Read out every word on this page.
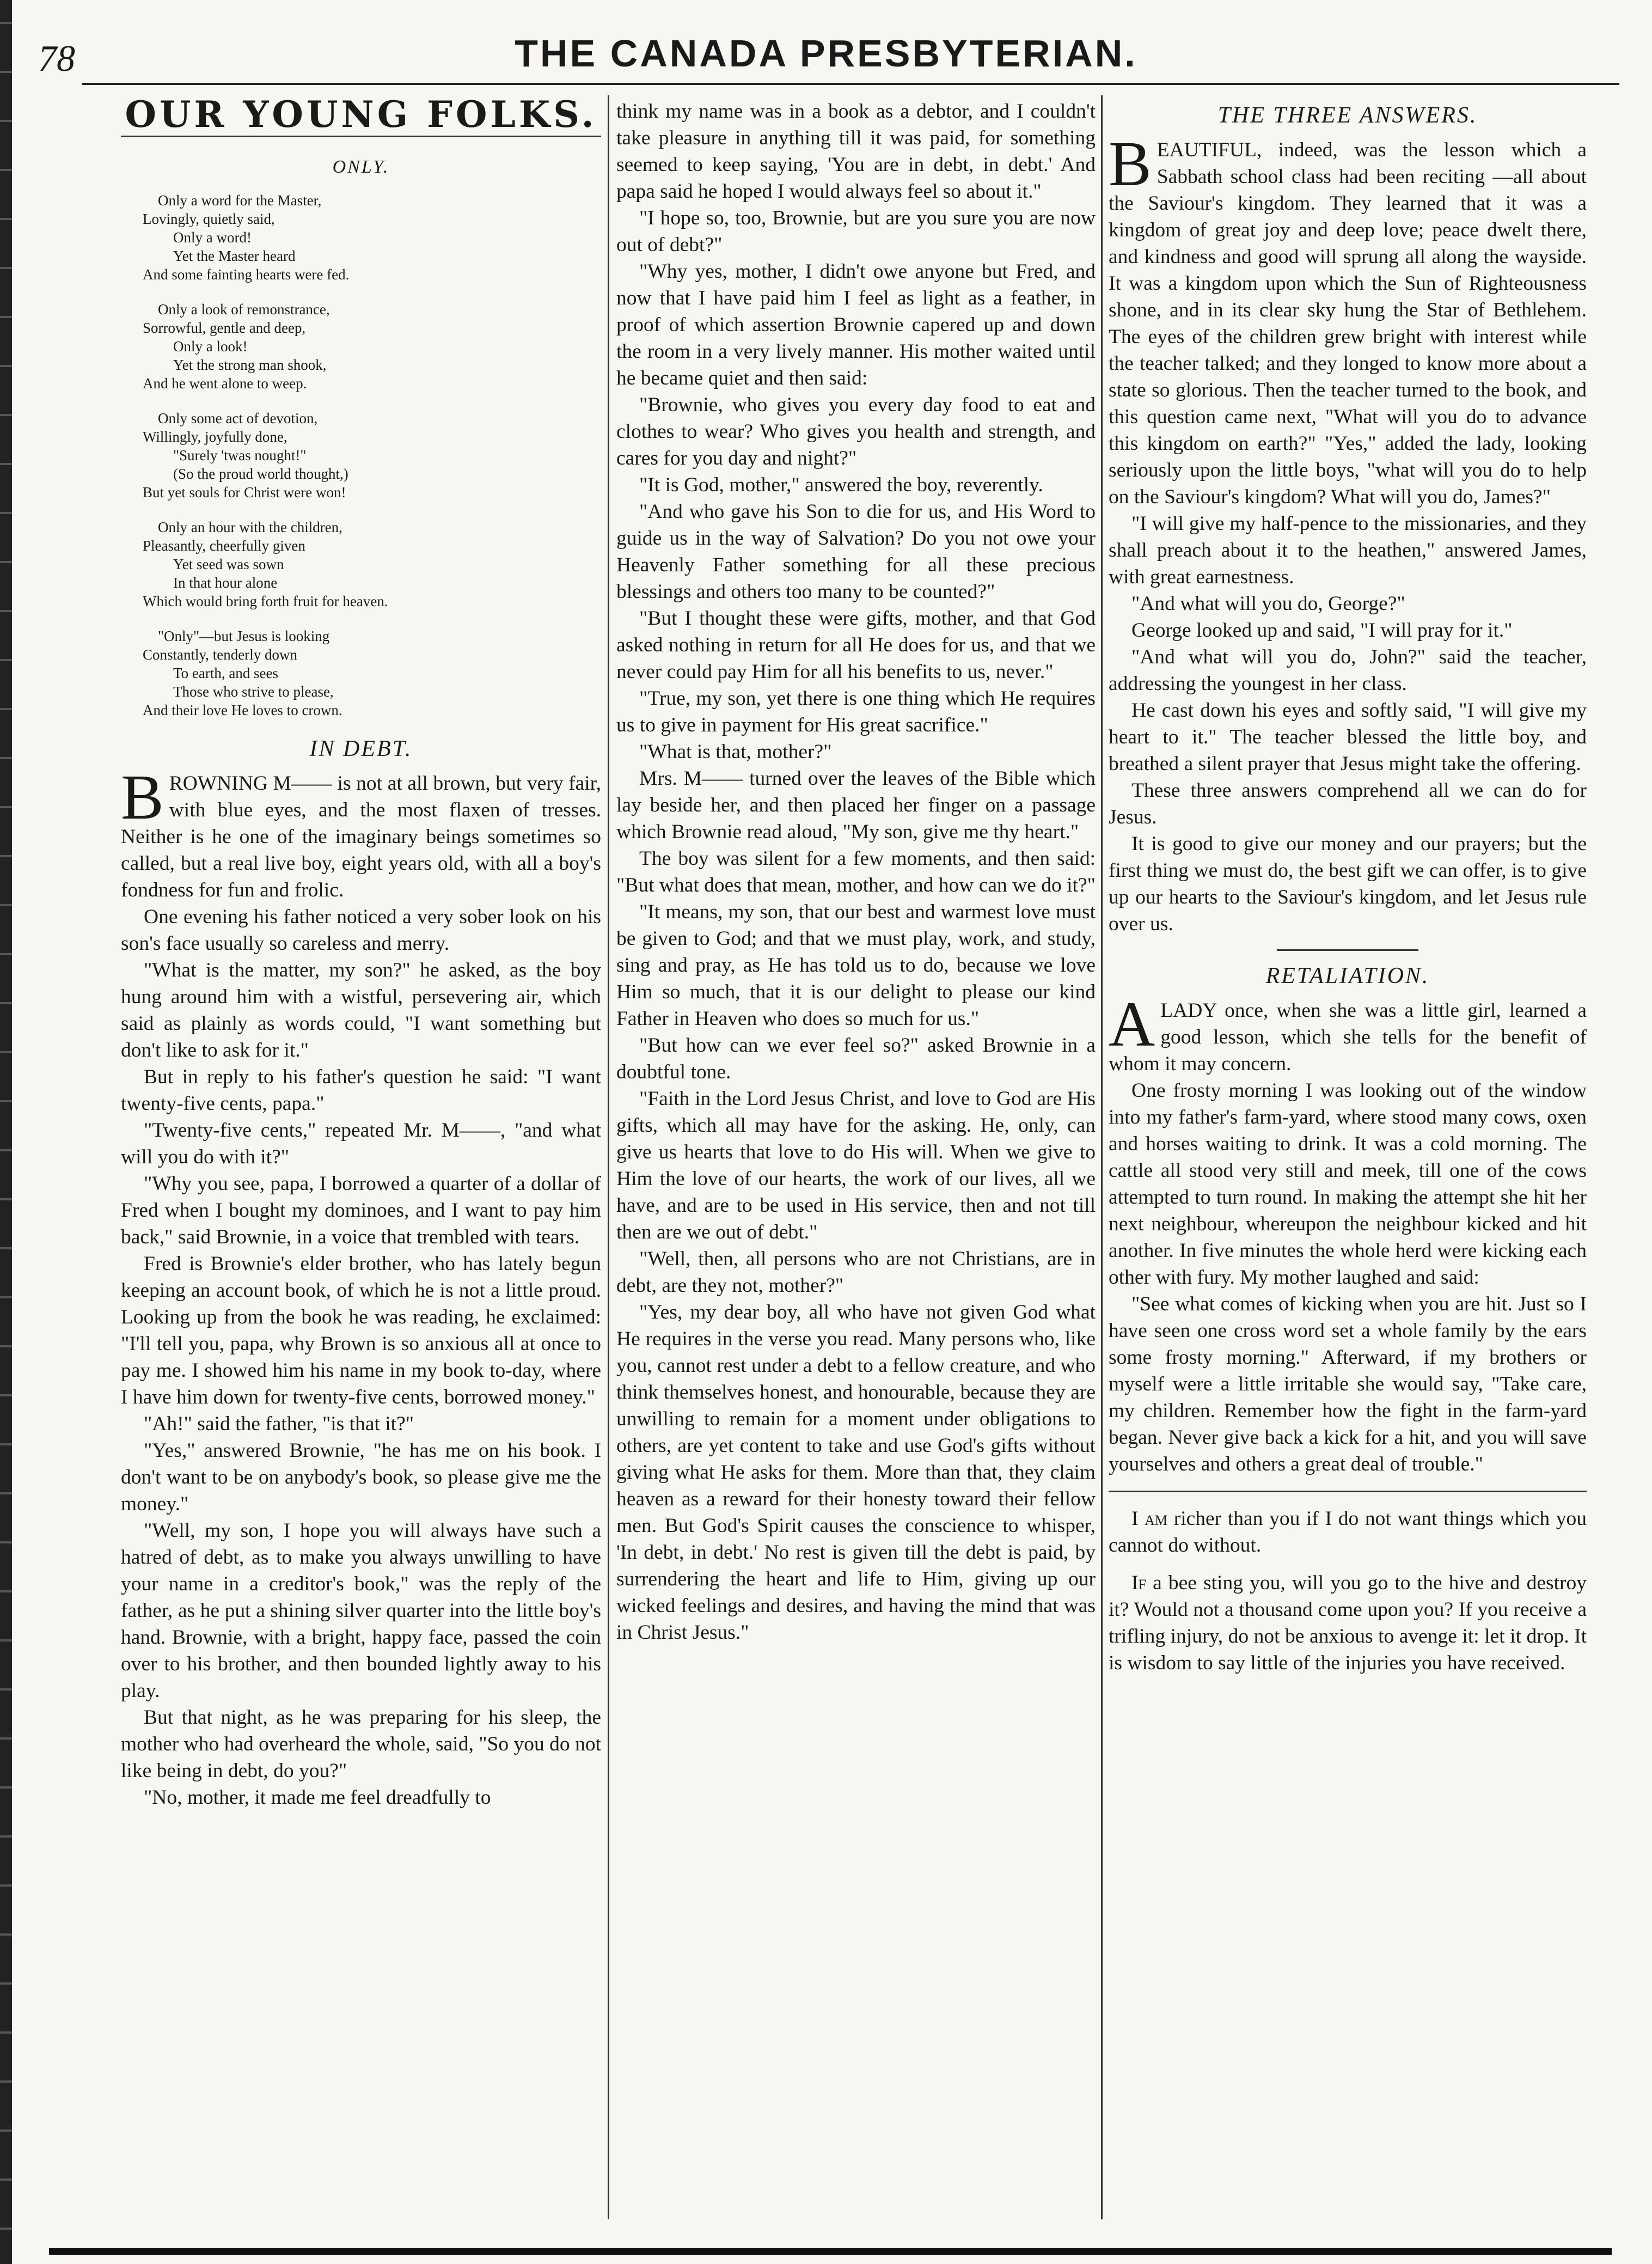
78	THE CANADA PRESBYTERIAN.
OUR YOUNG FOLKS.
ONLY.
Only a word for the Master,
Lovingly, quietly said,
Only a word!
Yet the Master heard
And some fainting hearts were fed.
Only a look of remonstrance,
Sorrowful, gentle and deep,
Only a look!
Yet the strong man shook,
And he went alone to weep.
Only some act of devotion,
Willingly, joyfully done,
"Surely 'twas nought!"
(So the proud world thought,)
But yet souls for Christ were won!
Only an hour with the children,
Pleasantly, cheerfully given
Yet seed was sown
In that hour alone
Which would bring forth fruit for heaven.
"Only"—but Jesus is looking
Constantly, tenderly down
To earth, and sees
Those who strive to please,
And their love He loves to crown.
IN DEBT.
B ROWNING M—— is not at all brown, but very fair, with blue eyes, and the most flaxen of tresses. Neither is he one of the imaginary beings sometimes so called, but a real live boy, eight years old, with all a boy's fondness for fun and frolic.

One evening his father noticed a very sober look on his son's face usually so careless and merry.

"What is the matter, my son?" he asked, as the boy hung around him with a wistful, persevering air, which said as plainly as words could, "I want something but don't like to ask for it."

But in reply to his father's question he said: "I want twenty-five cents, papa."

"Twenty-five cents," repeated Mr. M——, "and what will you do with it?"

"Why you see, papa, I borrowed a quarter of a dollar of Fred when I bought my dominoes, and I want to pay him back," said Brownie, in a voice that trembled with tears.

Fred is Brownie's elder brother, who has lately begun keeping an account book, of which he is not a little proud. Looking up from the book he was reading, he exclaimed: "I'll tell you, papa, why Brown is so anxious all at once to pay me. I showed him his name in my book to-day, where I have him down for twenty-five cents, borrowed money."

"Ah!" said the father, "is that it?"

"Yes," answered Brownie, "he has me on his book. I don't want to be on anybody's book, so please give me the money."

"Well, my son, I hope you will always have such a hatred of debt, as to make you always unwilling to have your name in a creditor's book," was the reply of the father, as he put a shining silver quarter into the little boy's hand. Brownie, with a bright, happy face, passed the coin over to his brother, and then bounded lightly away to his play.

But that night, as he was preparing for his sleep, the mother who had overheard the whole, said, "So you do not like being in debt, do you?"

"No, mother, it made me feel dreadfully to

think my name was in a book as a debtor, and I couldn't take pleasure in anything till it was paid, for something seemed to keep saying, 'You are in debt, in debt.' And papa said he hoped I would always feel so about it."

"I hope so, too, Brownie, but are you sure you are now out of debt?"

"Why yes, mother, I didn't owe anyone but Fred, and now that I have paid him I feel as light as a feather, in proof of which assertion Brownie capered up and down the room in a very lively manner. His mother waited until he became quiet and then said:

"Brownie, who gives you every day food to eat and clothes to wear? Who gives you health and strength, and cares for you day and night?"

"It is God, mother," answered the boy, reverently.

"And who gave his Son to die for us, and His Word to guide us in the way of Salvation? Do you not owe your Heavenly Father something for all these precious blessings and others too many to be counted?"

"But I thought these were gifts, mother, and that God asked nothing in return for all He does for us, and that we never could pay Him for all his benefits to us, never."

"True, my son, yet there is one thing which He requires us to give in payment for His great sacrifice."

"What is that, mother?"

Mrs. M—— turned over the leaves of the Bible which lay beside her, and then placed her finger on a passage which Brownie read aloud, "My son, give me thy heart."

The boy was silent for a few moments, and then said: "But what does that mean, mother, and how can we do it?"

"It means, my son, that our best and warmest love must be given to God; and that we must play, work, and study, sing and pray, as He has told us to do, because we love Him so much, that it is our delight to please our kind Father in Heaven who does so much for us."

"But how can we ever feel so?" asked Brownie in a doubtful tone.

"Faith in the Lord Jesus Christ, and love to God are His gifts, which all may have for the asking. He, only, can give us hearts that love to do His will. When we give to Him the love of our hearts, the work of our lives, all we have, and are to be used in His service, then and not till then are we out of debt."

"Well, then, all persons who are not Christians, are in debt, are they not, mother?"

"Yes, my dear boy, all who have not given God what He requires in the verse you read. Many persons who, like you, cannot rest under a debt to a fellow creature, and who think themselves honest, and honourable, because they are unwilling to remain for a moment under obligations to others, are yet content to take and use God's gifts without giving what He asks for them. More than that, they claim heaven as a reward for their honesty toward their fellow men. But God's Spirit causes the conscience to whisper, 'In debt, in debt.' No rest is given till the debt is paid, by surrendering the heart and life to Him, giving up our wicked feelings and desires, and having the mind that was in Christ Jesus."

THE THREE ANSWERS.
B EAUTIFUL, indeed, was the lesson which a Sabbath school class had been reciting —all about the Saviour's kingdom. They learned that it was a kingdom of great joy and deep love; peace dwelt there, and kindness and good will sprung all along the wayside. It was a kingdom upon which the Sun of Righteousness shone, and in its clear sky hung the Star of Bethlehem. The eyes of the children grew bright with interest while the teacher talked; and they longed to know more about a state so glorious. Then the teacher turned to the book, and this question came next, "What will you do to advance this kingdom on earth?" "Yes," added the lady, looking seriously upon the little boys, "what will you do to help on the Saviour's kingdom? What will you do, James?"

"I will give my half-pence to the missionaries, and they shall preach about it to the heathen," answered James, with great earnestness.

"And what will you do, George?"

George looked up and said, "I will pray for it."

"And what will you do, John?" said the teacher, addressing the youngest in her class.

He cast down his eyes and softly said, "I will give my heart to it." The teacher blessed the little boy, and breathed a silent prayer that Jesus might take the offering.

These three answers comprehend all we can do for Jesus.

It is good to give our money and our prayers; but the first thing we must do, the best gift we can offer, is to give up our hearts to the Saviour's kingdom, and let Jesus rule over us.

RETALIATION.
A LADY once, when she was a little girl, learned a good lesson, which she tells for the benefit of whom it may concern.

One frosty morning I was looking out of the window into my father's farm-yard, where stood many cows, oxen and horses waiting to drink. It was a cold morning. The cattle all stood very still and meek, till one of the cows attempted to turn round. In making the attempt she hit her next neighbour, whereupon the neighbour kicked and hit another. In five minutes the whole herd were kicking each other with fury. My mother laughed and said:

"See what comes of kicking when you are hit. Just so I have seen one cross word set a whole family by the ears some frosty morning." Afterward, if my brothers or myself were a little irritable she would say, "Take care, my children. Remember how the fight in the farm-yard began. Never give back a kick for a hit, and you will save yourselves and others a great deal of trouble."

I am richer than you if I do not want things which you cannot do without.

If a bee sting you, will you go to the hive and destroy it? Would not a thousand come upon you? If you receive a trifling injury, do not be anxious to avenge it: let it drop. It is wisdom to say little of the injuries you have received.
